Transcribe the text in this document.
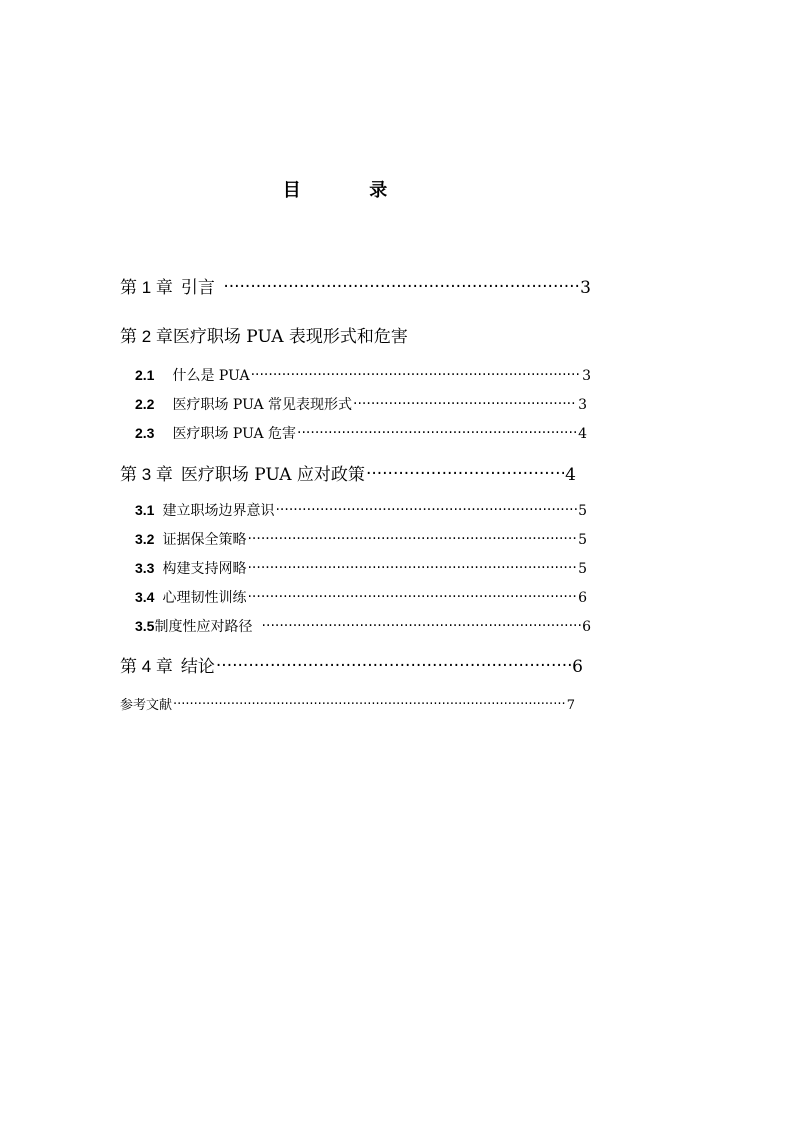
目	录
第 1 章 引言 ·····	3
第 2 章医疗职场 PUA 表现形式和危害
2.1 什么是 PUA ·····	3
2.2 医疗职场 PUA 常见表现形式 ·····	3
2.3 医疗职场 PUA 危害 ·····	4
第 3 章 医疗职场 PUA 应对政策 ·····	4
3.1 建立职场边界意识 ·····	5
3.2 证据保全策略 ·····	5
3.3 构建支持网略 ·····	5
3.4 心理韧性训练 ·····	6
3.5制度性应对路径 ·····	6
第 4 章 结论 ·····	6
参考文献 ·····	7
